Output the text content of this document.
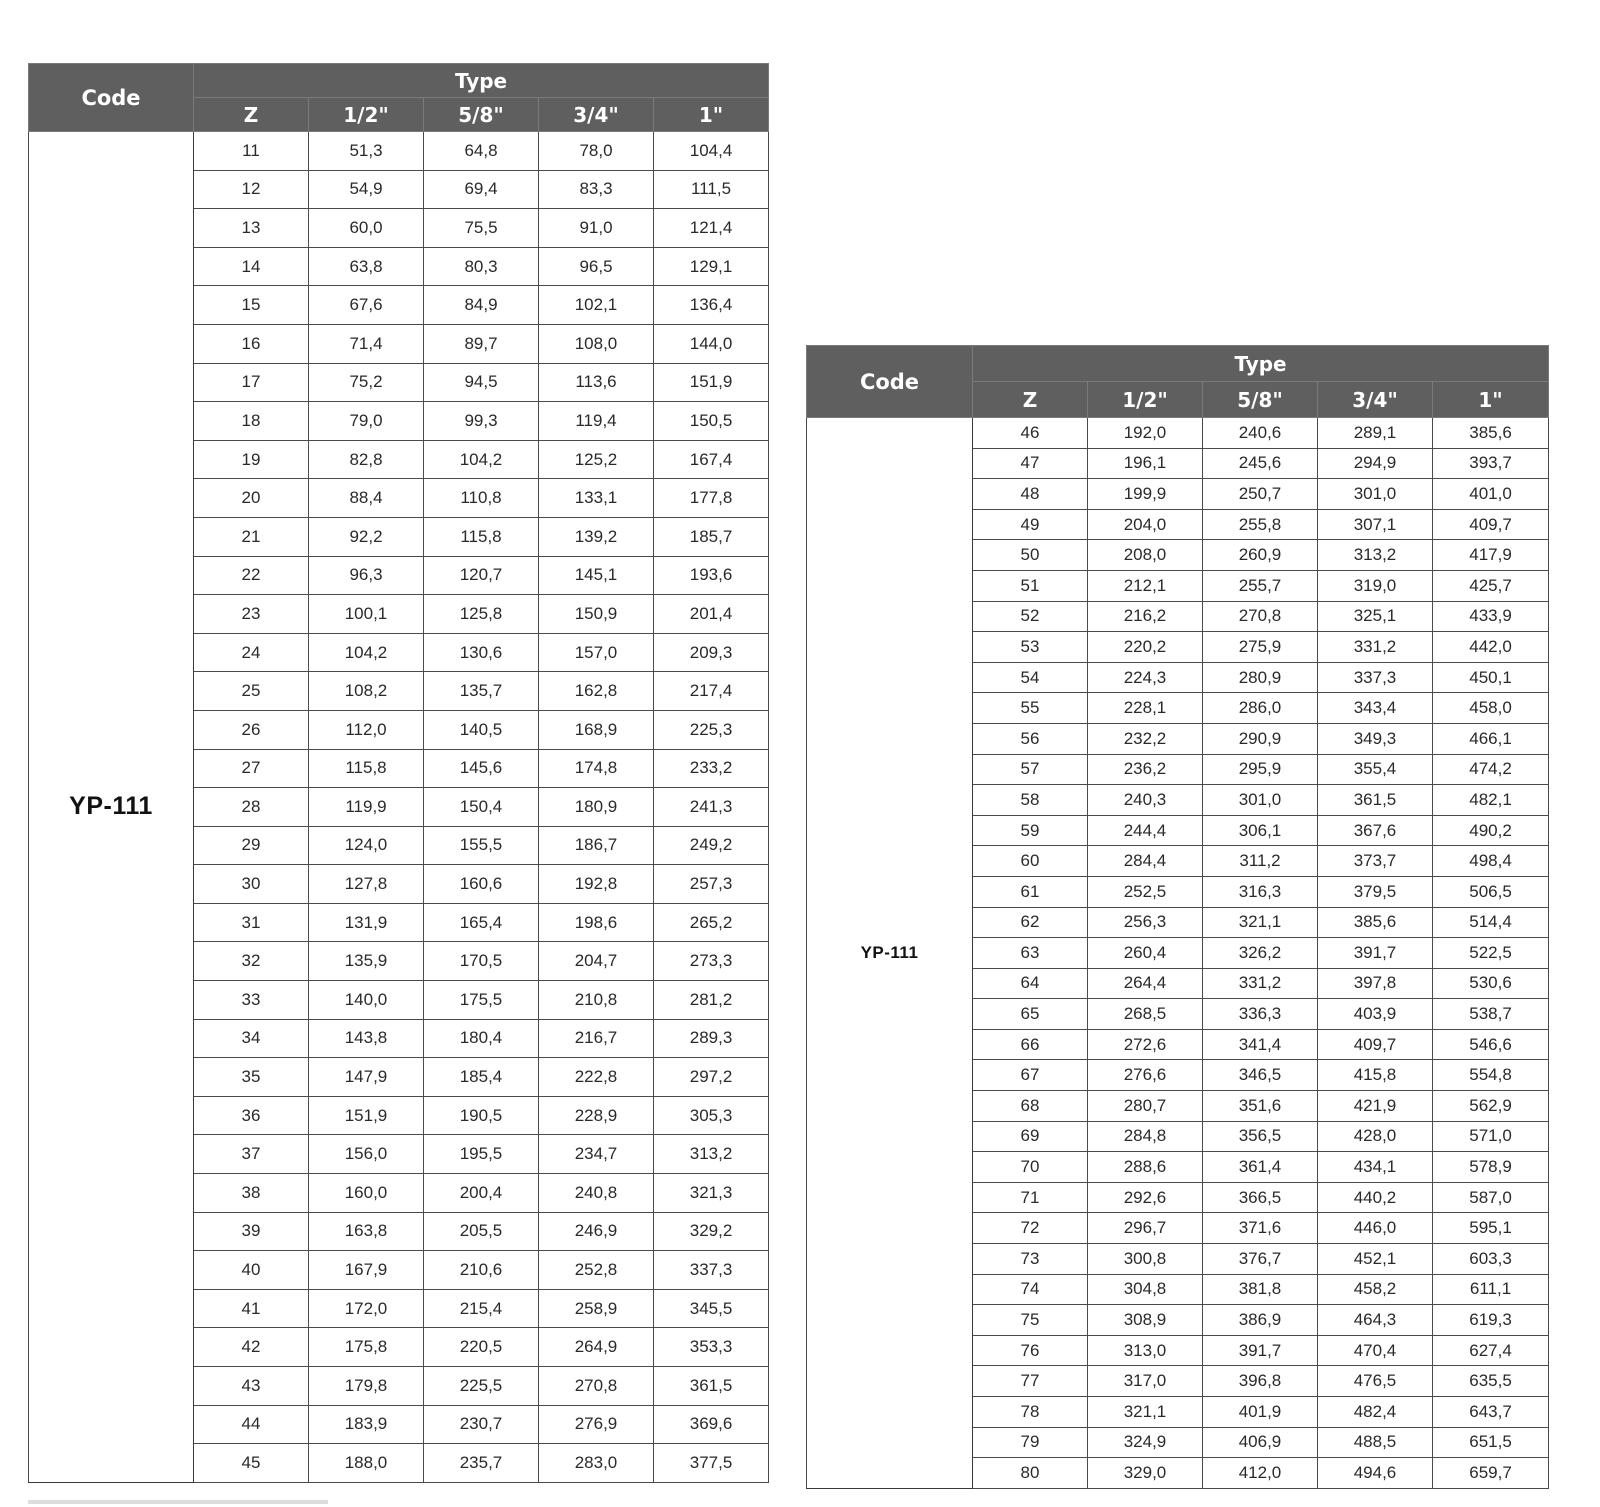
Code	Type				
	Z	1/2"	5/8"	3/4"	1"
YP-111	11	51,3	64,8	78,0	104,4
	12	54,9	69,4	83,3	111,5
	13	60,0	75,5	91,0	121,4
	14	63,8	80,3	96,5	129,1
	15	67,6	84,9	102,1	136,4
	16	71,4	89,7	108,0	144,0
	17	75,2	94,5	113,6	151,9
	18	79,0	99,3	119,4	150,5
	19	82,8	104,2	125,2	167,4
	20	88,4	110,8	133,1	177,8
	21	92,2	115,8	139,2	185,7
	22	96,3	120,7	145,1	193,6
	23	100,1	125,8	150,9	201,4
	24	104,2	130,6	157,0	209,3
	25	108,2	135,7	162,8	217,4
	26	112,0	140,5	168,9	225,3
	27	115,8	145,6	174,8	233,2
	28	119,9	150,4	180,9	241,3
	29	124,0	155,5	186,7	249,2
	30	127,8	160,6	192,8	257,3
	31	131,9	165,4	198,6	265,2
	32	135,9	170,5	204,7	273,3
	33	140,0	175,5	210,8	281,2
	34	143,8	180,4	216,7	289,3
	35	147,9	185,4	222,8	297,2
	36	151,9	190,5	228,9	305,3
	37	156,0	195,5	234,7	313,2
	38	160,0	200,4	240,8	321,3
	39	163,8	205,5	246,9	329,2
	40	167,9	210,6	252,8	337,3
	41	172,0	215,4	258,9	345,5
	42	175,8	220,5	264,9	353,3
	43	179,8	225,5	270,8	361,5
	44	183,9	230,7	276,9	369,6
	45	188,0	235,7	283,0	377,5
Code	Type				
	Z	1/2"	5/8"	3/4"	1"
YP-111	46	192,0	240,6	289,1	385,6
	47	196,1	245,6	294,9	393,7
	48	199,9	250,7	301,0	401,0
	49	204,0	255,8	307,1	409,7
	50	208,0	260,9	313,2	417,9
	51	212,1	255,7	319,0	425,7
	52	216,2	270,8	325,1	433,9
	53	220,2	275,9	331,2	442,0
	54	224,3	280,9	337,3	450,1
	55	228,1	286,0	343,4	458,0
	56	232,2	290,9	349,3	466,1
	57	236,2	295,9	355,4	474,2
	58	240,3	301,0	361,5	482,1
	59	244,4	306,1	367,6	490,2
	60	284,4	311,2	373,7	498,4
	61	252,5	316,3	379,5	506,5
	62	256,3	321,1	385,6	514,4
	63	260,4	326,2	391,7	522,5
	64	264,4	331,2	397,8	530,6
	65	268,5	336,3	403,9	538,7
	66	272,6	341,4	409,7	546,6
	67	276,6	346,5	415,8	554,8
	68	280,7	351,6	421,9	562,9
	69	284,8	356,5	428,0	571,0
	70	288,6	361,4	434,1	578,9
	71	292,6	366,5	440,2	587,0
	72	296,7	371,6	446,0	595,1
	73	300,8	376,7	452,1	603,3
	74	304,8	381,8	458,2	611,1
	75	308,9	386,9	464,3	619,3
	76	313,0	391,7	470,4	627,4
	77	317,0	396,8	476,5	635,5
	78	321,1	401,9	482,4	643,7
	79	324,9	406,9	488,5	651,5
	80	329,0	412,0	494,6	659,7
